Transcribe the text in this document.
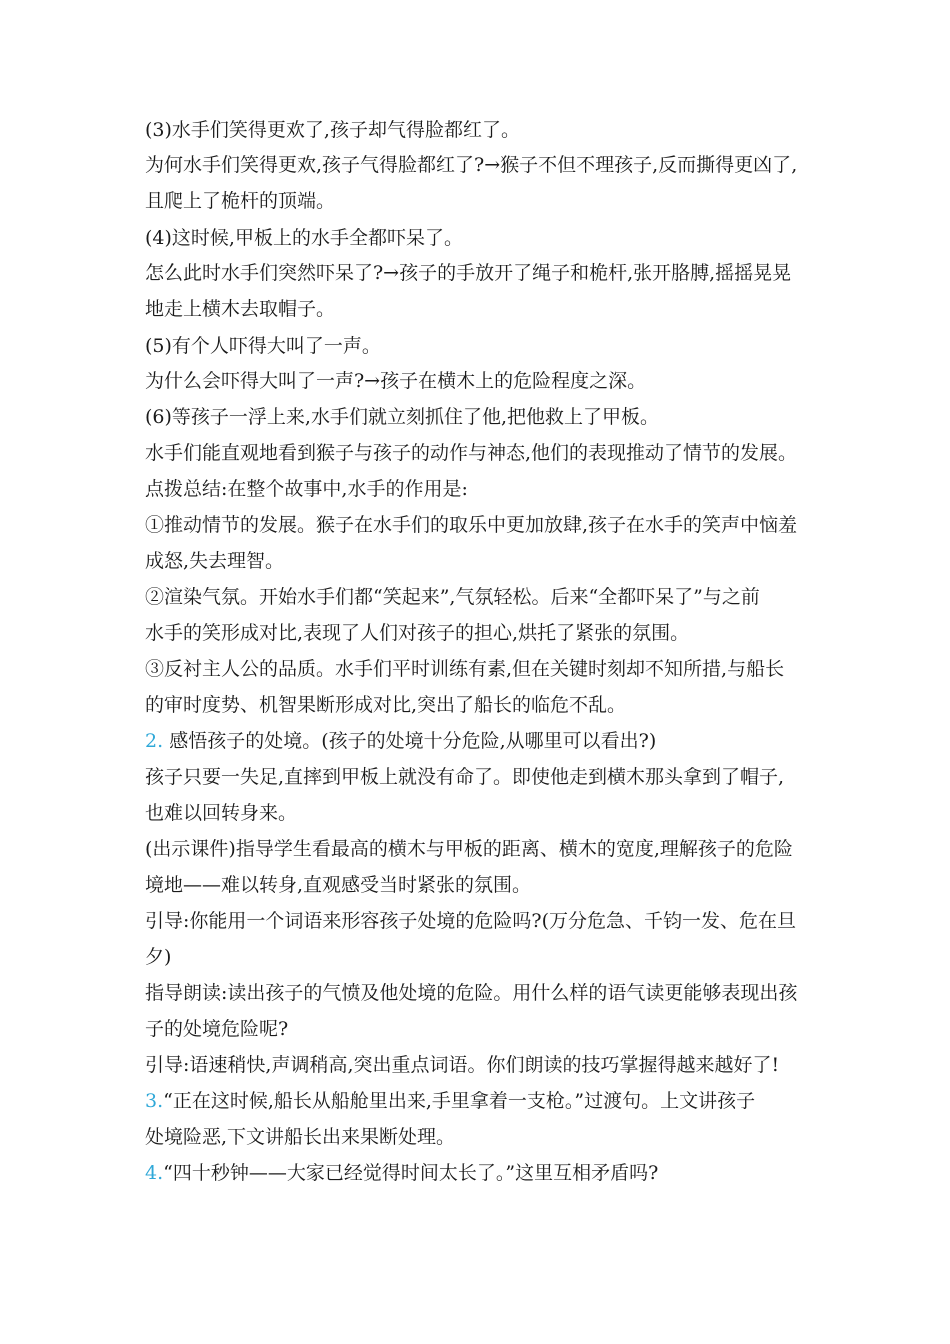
(3)水手们笑得更欢了,孩子却气得脸都红了。
为何水手们笑得更欢,孩子气得脸都红了?→猴子不但不理孩子,反而撕得更凶了,
且爬上了桅杆的顶端。
(4)这时候,甲板上的水手全都吓呆了。
怎么此时水手们突然吓呆了?→孩子的手放开了绳子和桅杆,张开胳膊,摇摇晃晃
地走上横木去取帽子。
(5)有个人吓得大叫了一声。
为什么会吓得大叫了一声?→孩子在横木上的危险程度之深。
(6)等孩子一浮上来,水手们就立刻抓住了他,把他救上了甲板。
水手们能直观地看到猴子与孩子的动作与神态,他们的表现推动了情节的发展。
点拨总结:在整个故事中,水手的作用是:
①推动情节的发展。猴子在水手们的取乐中更加放肆,孩子在水手的笑声中恼羞
成怒,失去理智。
②渲染气氛。开始水手们都“笑起来”,气氛轻松。后来“全都吓呆了”与之前
水手的笑形成对比,表现了人们对孩子的担心,烘托了紧张的氛围。
③反衬主人公的品质。水手们平时训练有素,但在关键时刻却不知所措,与船长
的审时度势、机智果断形成对比,突出了船长的临危不乱。
2. 感悟孩子的处境。(孩子的处境十分危险,从哪里可以看出?)
孩子只要一失足,直摔到甲板上就没有命了。即使他走到横木那头拿到了帽子,
也难以回转身来。
(出示课件)指导学生看最高的横木与甲板的距离、横木的宽度,理解孩子的危险
境地——难以转身,直观感受当时紧张的氛围。
引导:你能用一个词语来形容孩子处境的危险吗?(万分危急、千钧一发、危在旦
夕)
指导朗读:读出孩子的气愤及他处境的危险。用什么样的语气读更能够表现出孩
子的处境危险呢?
引导:语速稍快,声调稍高,突出重点词语。你们朗读的技巧掌握得越来越好了!
3.“正在这时候,船长从船舱里出来,手里拿着一支枪。”过渡句。上文讲孩子
处境险恶,下文讲船长出来果断处理。
4.“四十秒钟——大家已经觉得时间太长了。”这里互相矛盾吗?
